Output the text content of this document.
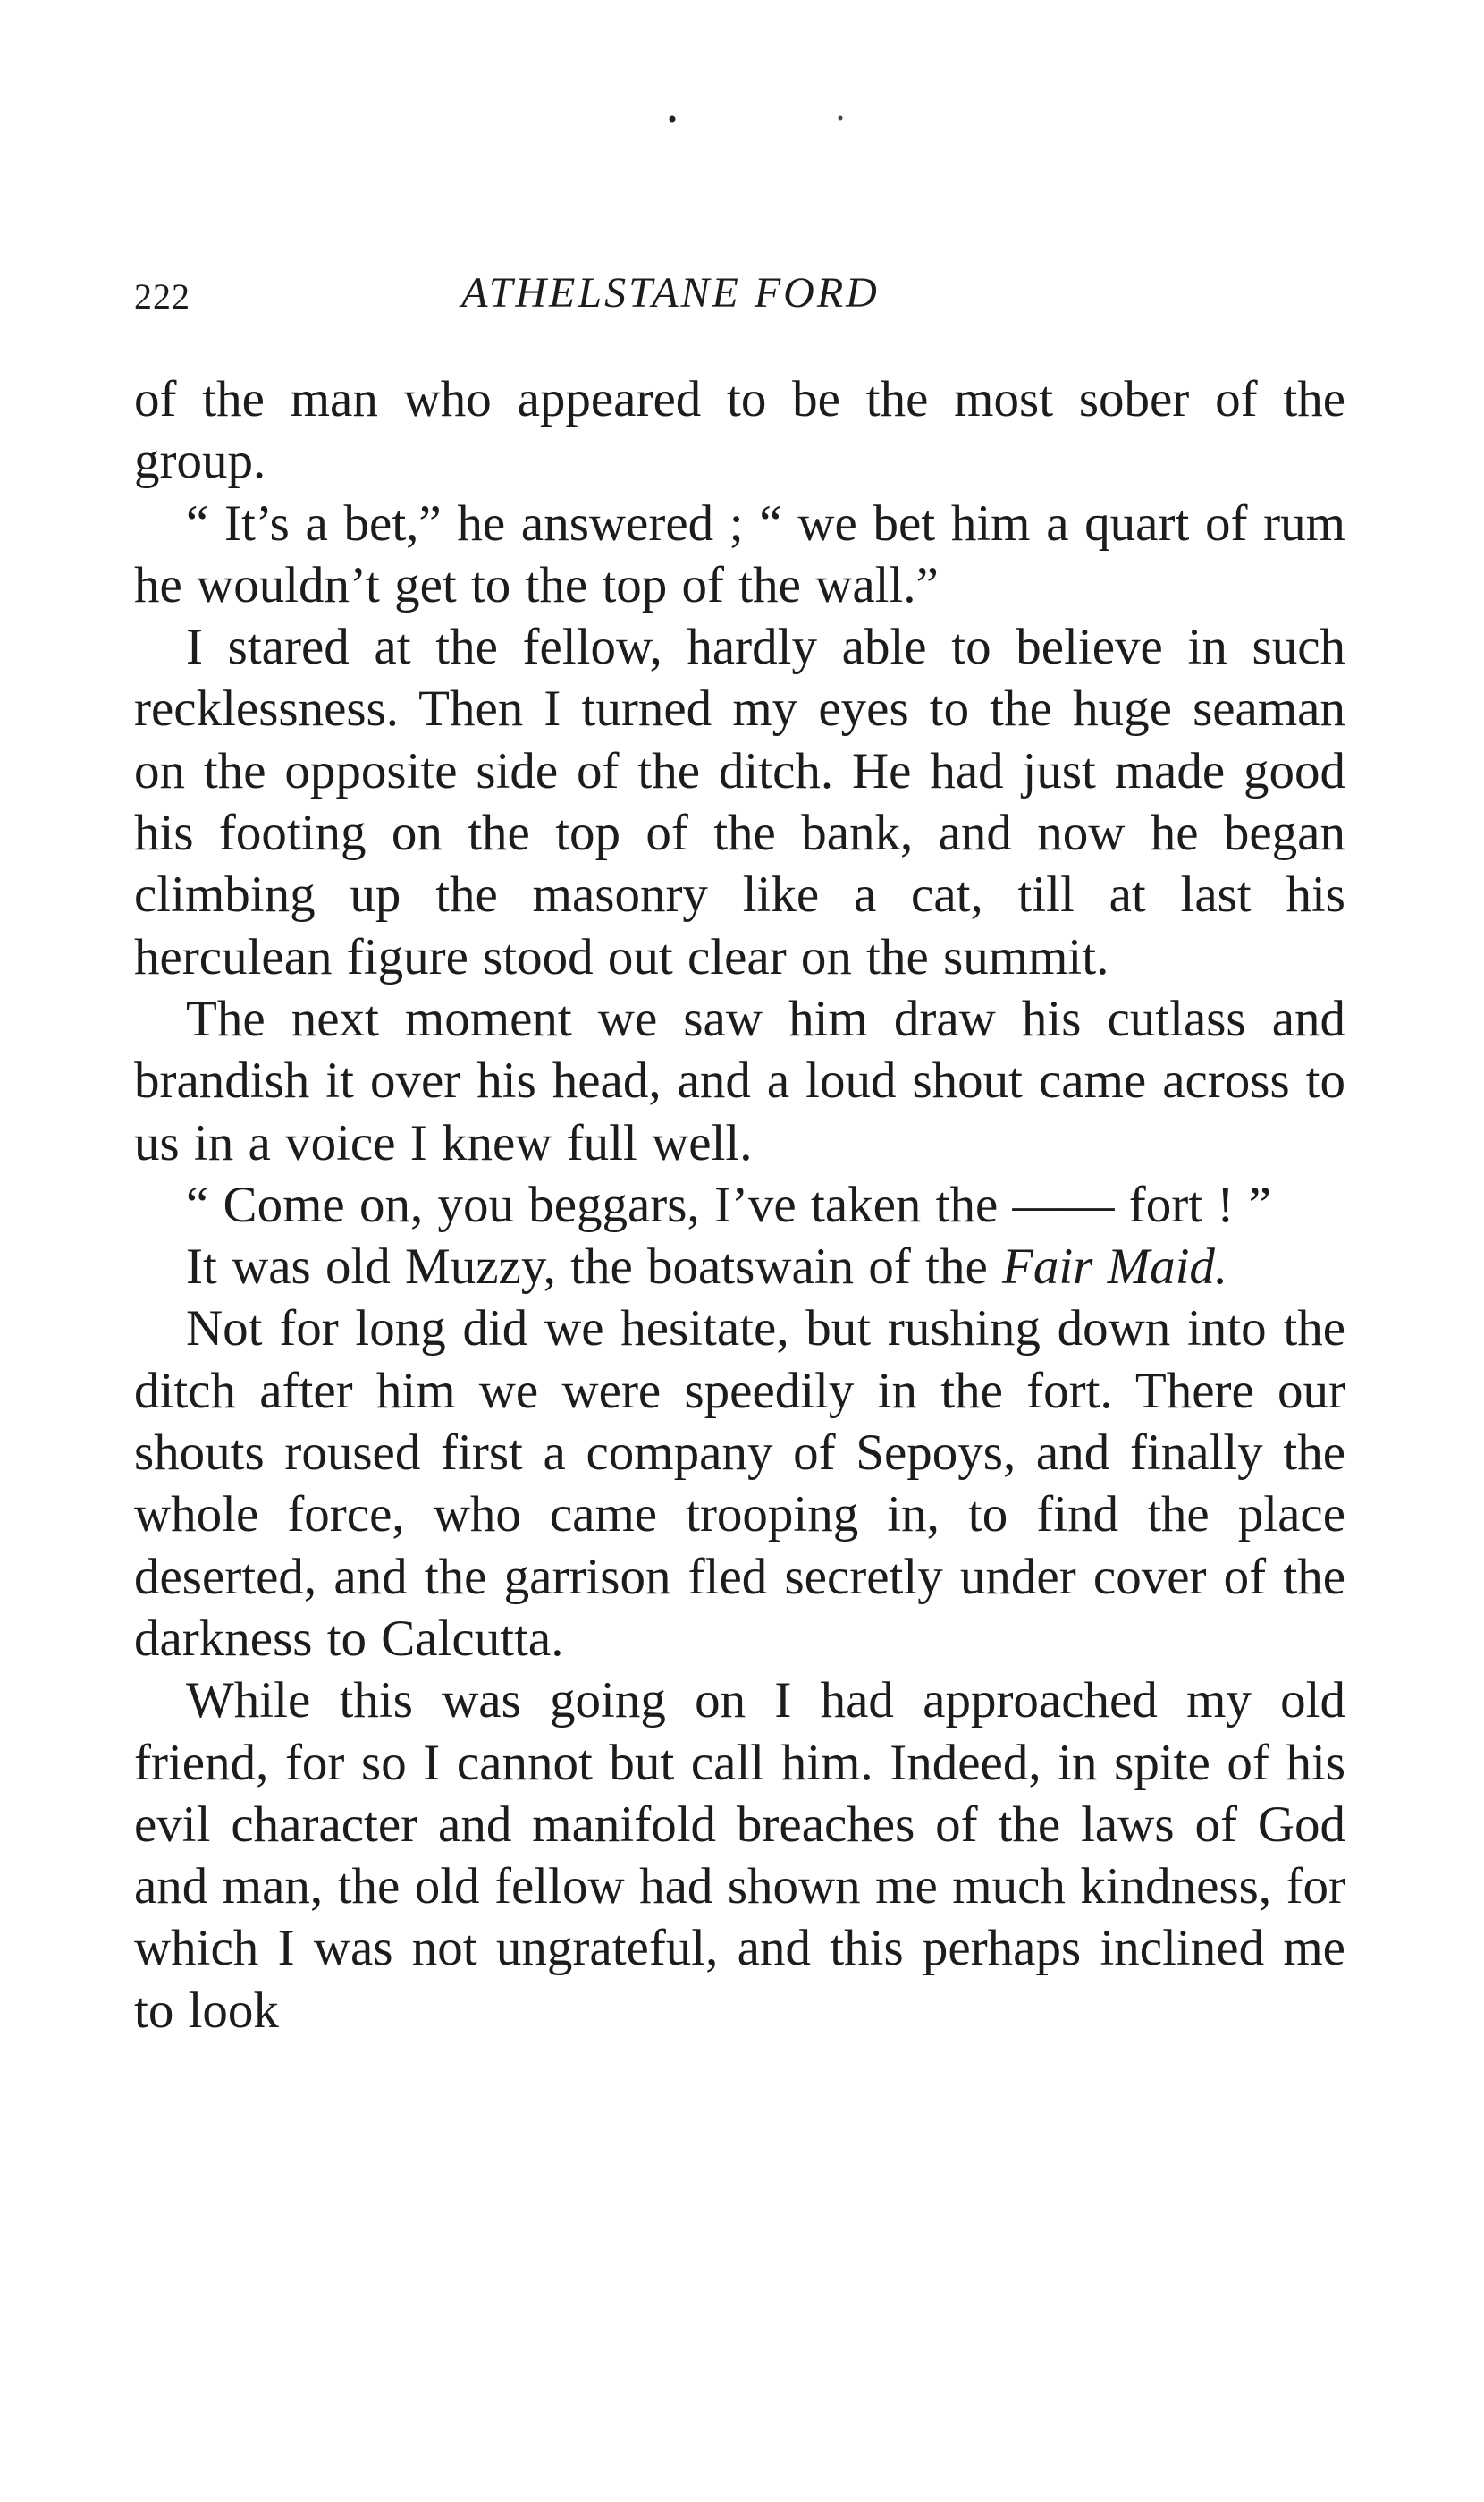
222	ATHELSTANE FORD

of the man who appeared to be the most sober of the group.

“ It’s a bet,” he answered ; “ we bet him a quart of rum he wouldn’t get to the top of the wall.”

I stared at the fellow, hardly able to believe in such recklessness. Then I turned my eyes to the huge seaman on the opposite side of the ditch. He had just made good his footing on the top of the bank, and now he began climbing up the masonry like a cat, till at last his herculean figure stood out clear on the summit.

The next moment we saw him draw his cutlass and brandish it over his head, and a loud shout came across to us in a voice I knew full well.

“ Come on, you beggars, I’ve taken the —— fort ! ”

It was old Muzzy, the boatswain of the Fair Maid.

Not for long did we hesitate, but rushing down into the ditch after him we were speedily in the fort. There our shouts roused first a company of Sepoys, and finally the whole force, who came trooping in, to find the place deserted, and the garrison fled secretly under cover of the darkness to Calcutta.

While this was going on I had approached my old friend, for so I cannot but call him. Indeed, in spite of his evil character and manifold breaches of the laws of God and man, the old fellow had shown me much kindness, for which I was not ungrateful, and this perhaps inclined me to look
